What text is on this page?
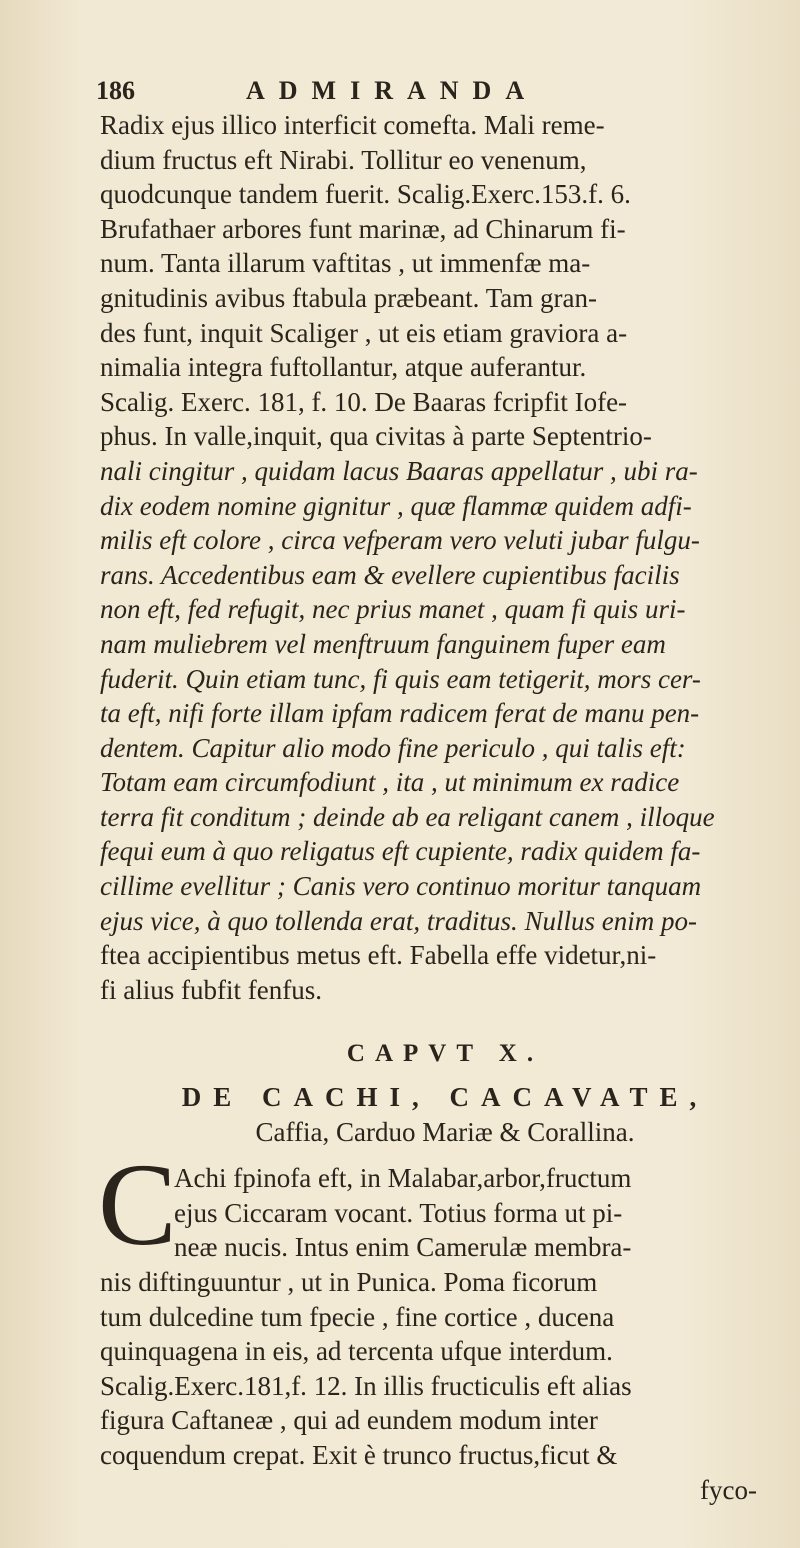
186	ADMIRANDA
Radix ejus illico interficit comefta. Mali reme-
dium fructus eft Nirabi. Tollitur eo venenum,
quodcunque tandem fuerit. Scalig.Exerc.153.f. 6.
Brufathaer arbores funt marinæ, ad Chinarum fi-
num. Tanta illarum vaftitas , ut immenfæ ma-
gnitudinis avibus ftabula præbeant. Tam gran-
des funt, inquit Scaliger , ut eis etiam graviora a-
nimalia integra fuftollantur, atque auferantur.
Scalig. Exerc. 181, f. 10. De Baaras fcripfit Iofe-
phus. In valle,inquit, qua civitas à parte Septentrio-
nali cingitur , quidam lacus Baaras appellatur , ubi ra-
dix eodem nomine gignitur , quæ flammæ quidem adfi-
milis eft colore , circa vefperam vero veluti jubar fulgu-
rans. Accedentibus eam & evellere cupientibus facilis
non eft, fed refugit, nec prius manet , quam fi quis uri-
nam muliebrem vel menftruum fanguinem fuper eam
fuderit. Quin etiam tunc, fi quis eam tetigerit, mors cer-
ta eft, nifi forte illam ipfam radicem ferat de manu pen-
dentem. Capitur alio modo fine periculo , qui talis eft:
Totam eam circumfodiunt , ita , ut minimum ex radice
terra fit conditum ; deinde ab ea religant canem , illoque
fequi eum à quo religatus eft cupiente, radix quidem fa-
cillime evellitur ; Canis vero continuo moritur tanquam
ejus vice, à quo tollenda erat, traditus. Nullus enim po-
ftea accipientibus metus eft. Fabella effe videtur,ni-
fi alius fubfit fenfus.
CAPVT X.
DE CACHI, CACAVATE,
Caffia, Carduo Mariæ & Corallina.
Achi fpinofa eft, in Malabar,arbor,fructum
ejus Ciccaram vocant. Totius forma ut pi-
neæ nucis. Intus enim Camerulæ membra-
nis diftinguuntur , ut in Punica. Poma ficorum
tum dulcedine tum fpecie , fine cortice , ducena
quinquagena in eis, ad tercenta ufque interdum.
Scalig.Exerc.181,f. 12. In illis fructiculis eft alias
figura Caftaneæ , qui ad eundem modum inter
coquendum crepat. Exit è trunco fructus,ficut &
fyco-
C
